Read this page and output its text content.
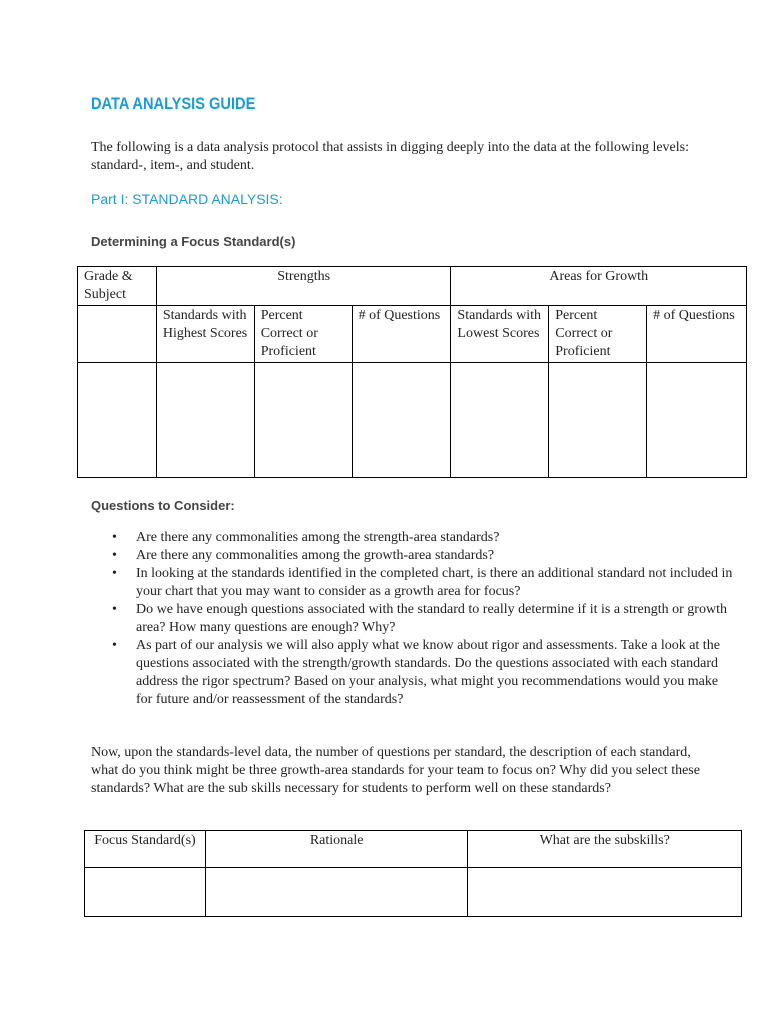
DATA ANALYSIS GUIDE
The following is a data analysis protocol that assists in digging deeply into the data at the following levels: standard-, item-, and student.
Part I: STANDARD ANALYSIS:
Determining a Focus Standard(s)
Grade & Subject	Strengths			Areas for Growth		
	Standards with Highest Scores	Percent Correct or Proficient	# of Questions	Standards with Lowest Scores	Percent Correct or Proficient	# of Questions

Questions to Consider:
• Are there any commonalities among the strength-area standards?
• Are there any commonalities among the growth-area standards?
• In looking at the standards identified in the completed chart, is there an additional standard not included in your chart that you may want to consider as a growth area for focus?
• Do we have enough questions associated with the standard to really determine if it is a strength or growth area? How many questions are enough? Why?
• As part of our analysis we will also apply what we know about rigor and assessments. Take a look at the questions associated with the strength/growth standards. Do the questions associated with each standard address the rigor spectrum? Based on your analysis, what might you recommendations would you make for future and/or reassessment of the standards?
Now, upon the standards-level data, the number of questions per standard, the description of each standard, what do you think might be three growth-area standards for your team to focus on? Why did you select these standards? What are the sub skills necessary for students to perform well on these standards?
Focus Standard(s)	Rationale	What are the subskills?
